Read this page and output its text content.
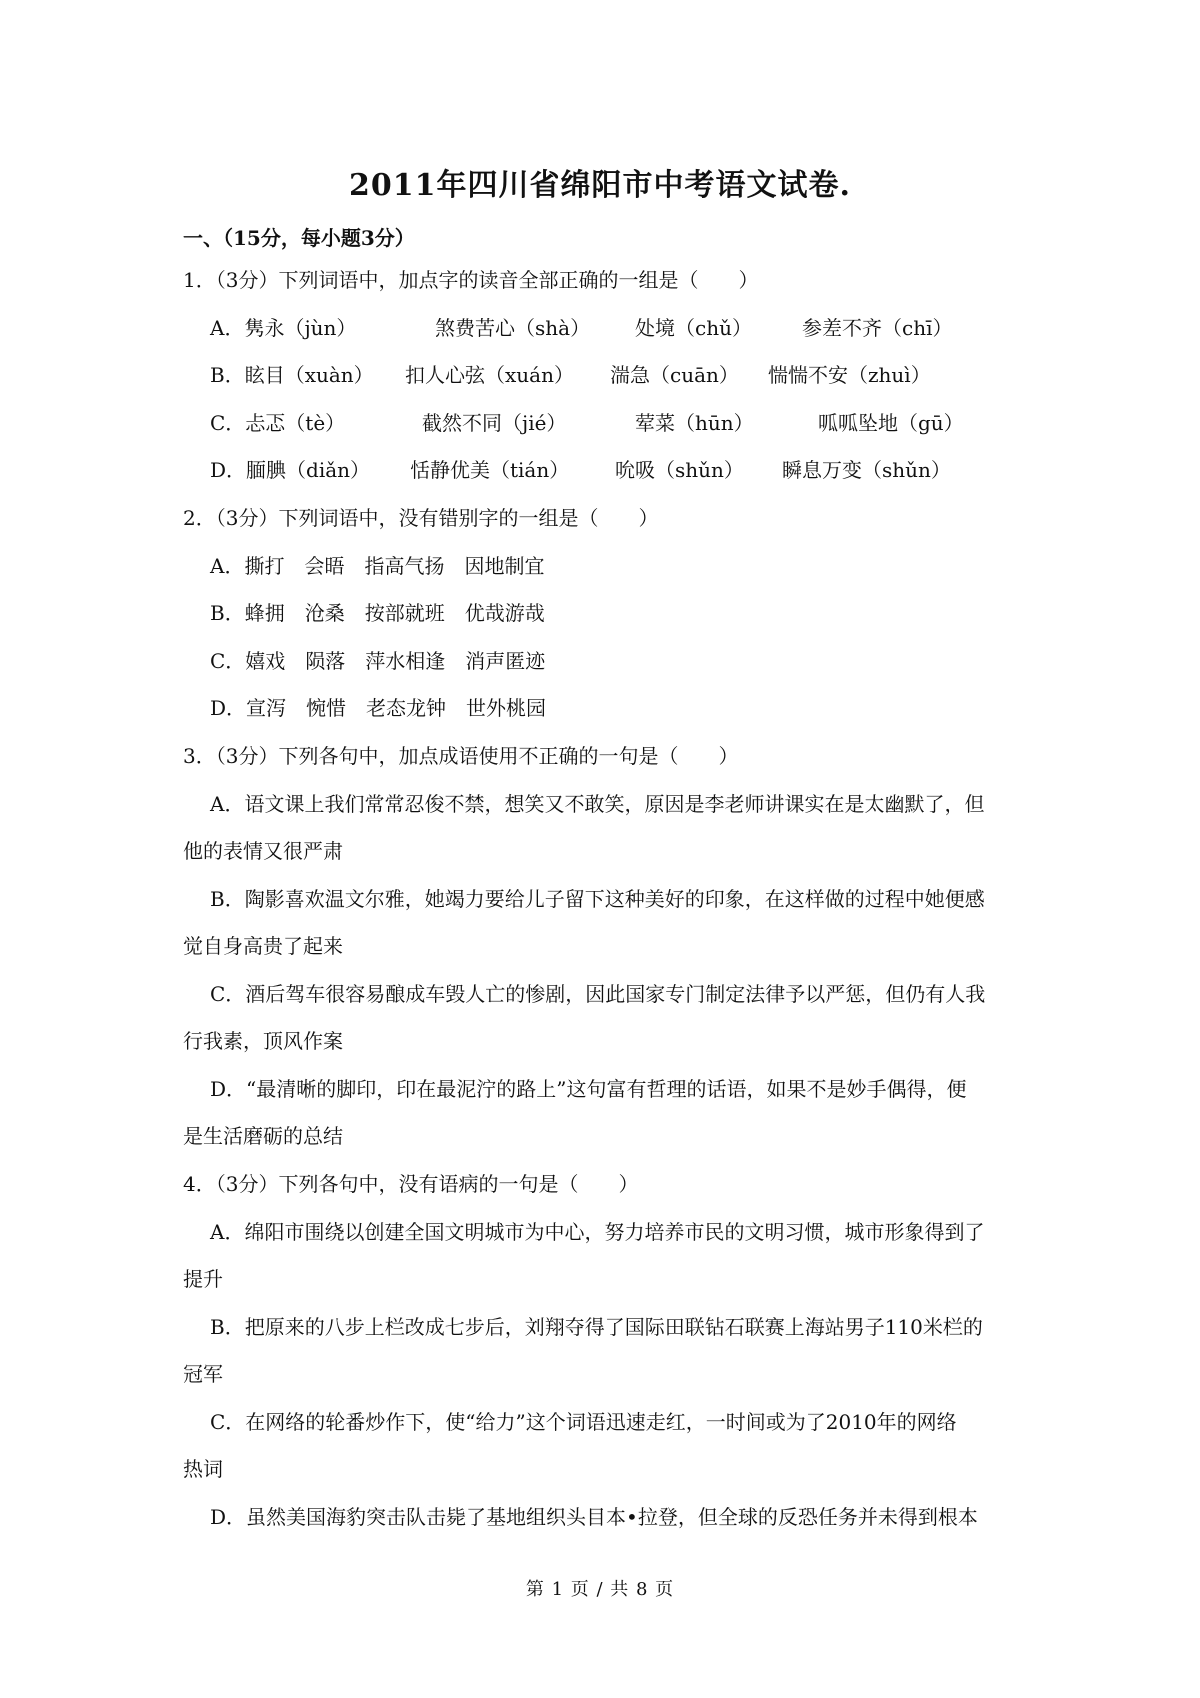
2011年四川省绵阳市中考语文试卷.
一、（15分，每小题3分）
1．（3分）下列词语中，加点字的读音全部正确的一组是（　　）
A．隽永（jùn）	煞费苦心（shà） 处境（chǔ）	参差不齐（chī）
B．眩目（xuàn） 扣人心弦（xuán） 湍急（cuān） 惴惴不安（zhuì）
C．忐忑（tè）	截然不同（jié）	荤菜（hūn）	呱呱坠地（gū）
D．腼腆（diǎn） 恬静优美（tián） 吮吸（shǔn） 瞬息万变（shǔn）
2．（3分）下列词语中，没有错别字的一组是（　　）
A．撕打　会晤　指高气扬　因地制宜
B．蜂拥　沧桑　按部就班　优哉游哉
C．嬉戏　陨落　萍水相逢　消声匿迹
D．宣泻　惋惜　老态龙钟　世外桃园
3．（3分）下列各句中，加点成语使用不正确的一句是（　　）
A．语文课上我们常常忍俊不禁，想笑又不敢笑，原因是李老师讲课实在是太幽默了，但
他的表情又很严肃
B．陶影喜欢温文尔雅，她竭力要给儿子留下这种美好的印象，在这样做的过程中她便感
觉自身高贵了起来
C．酒后驾车很容易酿成车毁人亡的惨剧，因此国家专门制定法律予以严惩，但仍有人我
行我素，顶风作案
D．“最清晰的脚印，印在最泥泞的路上”这句富有哲理的话语，如果不是妙手偶得，便
是生活磨砺的总结
4．（3分）下列各句中，没有语病的一句是（　　）
A．绵阳市围绕以创建全国文明城市为中心，努力培养市民的文明习惯，城市形象得到了
提升
B．把原来的八步上栏改成七步后，刘翔夺得了国际田联钻石联赛上海站男子110米栏的
冠军
C．在网络的轮番炒作下，使“给力”这个词语迅速走红，一时间或为了2010年的网络
热词
D．虽然美国海豹突击队击毙了基地组织头目本•拉登，但全球的反恐任务并未得到根本
第 1 页 / 共 8 页
